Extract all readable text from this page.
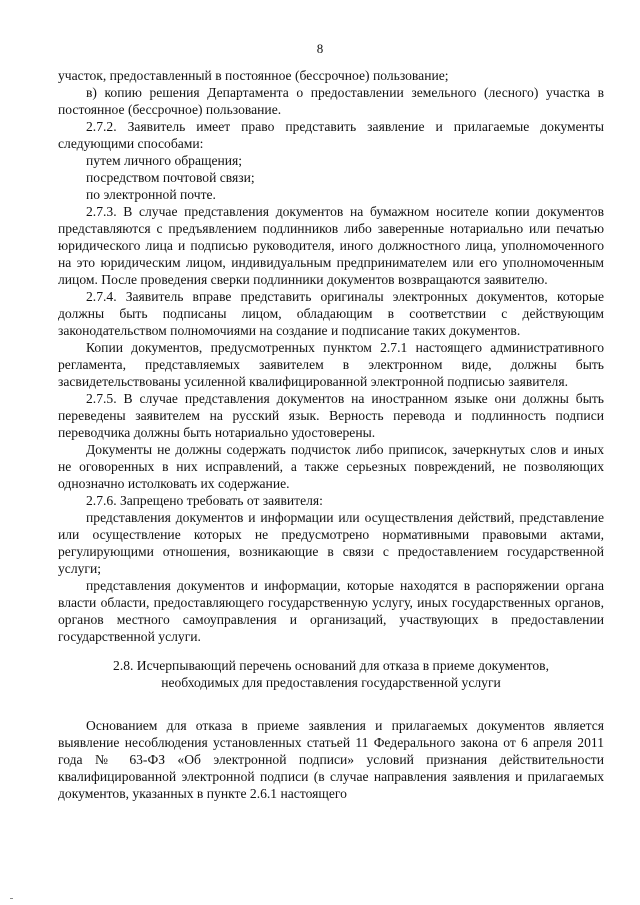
8

участок, предоставленный в постоянное (бессрочное) пользование;

в) копию решения Департамента о предоставлении земельного (лесного) участка в постоянное (бессрочное) пользование.

2.7.2. Заявитель имеет право представить заявление и прилагаемые документы следующими способами:

путем личного обращения;

посредством почтовой связи;

по электронной почте.

2.7.3. В случае представления документов на бумажном носителе копии документов представляются с предъявлением подлинников либо заверенные нотариально или печатью юридического лица и подписью руководителя, иного должностного лица, уполномоченного на это юридическим лицом, индивидуальным предпринимателем или его уполномоченным лицом. После проведения сверки подлинники документов возвращаются заявителю.

2.7.4. Заявитель вправе представить оригиналы электронных документов, которые должны быть подписаны лицом, обладающим в соответствии с действующим законодательством полномочиями на создание и подписание таких документов.

Копии документов, предусмотренных пунктом 2.7.1 настоящего административного регламента, представляемых заявителем в электронном виде, должны быть засвидетельствованы усиленной квалифицированной электронной подписью заявителя.

2.7.5. В случае представления документов на иностранном языке они должны быть переведены заявителем на русский язык. Верность перевода и подлинность подписи переводчика должны быть нотариально удостоверены.

Документы не должны содержать подчисток либо приписок, зачеркнутых слов и иных не оговоренных в них исправлений, а также серьезных повреждений, не позволяющих однозначно истолковать их содержание.

2.7.6. Запрещено требовать от заявителя:

представления документов и информации или осуществления действий, представление или осуществление которых не предусмотрено нормативными правовыми актами, регулирующими отношения, возникающие в связи с предоставлением государственной услуги;

представления документов и информации, которые находятся в распоряжении органа власти области, предоставляющего государственную услугу, иных государственных органов, органов местного самоуправления и организаций, участвующих в предоставлении государственной услуги.

2.8. Исчерпывающий перечень оснований для отказа в приеме документов,
необходимых для предоставления государственной услуги

Основанием для отказа в приеме заявления и прилагаемых документов является выявление несоблюдения установленных статьей 11 Федерального закона от 6 апреля 2011 года № 63-ФЗ «Об электронной подписи» условий признания действительности квалифицированной электронной подписи (в случае направления заявления и прилагаемых документов, указанных в пункте 2.6.1 настоящего
